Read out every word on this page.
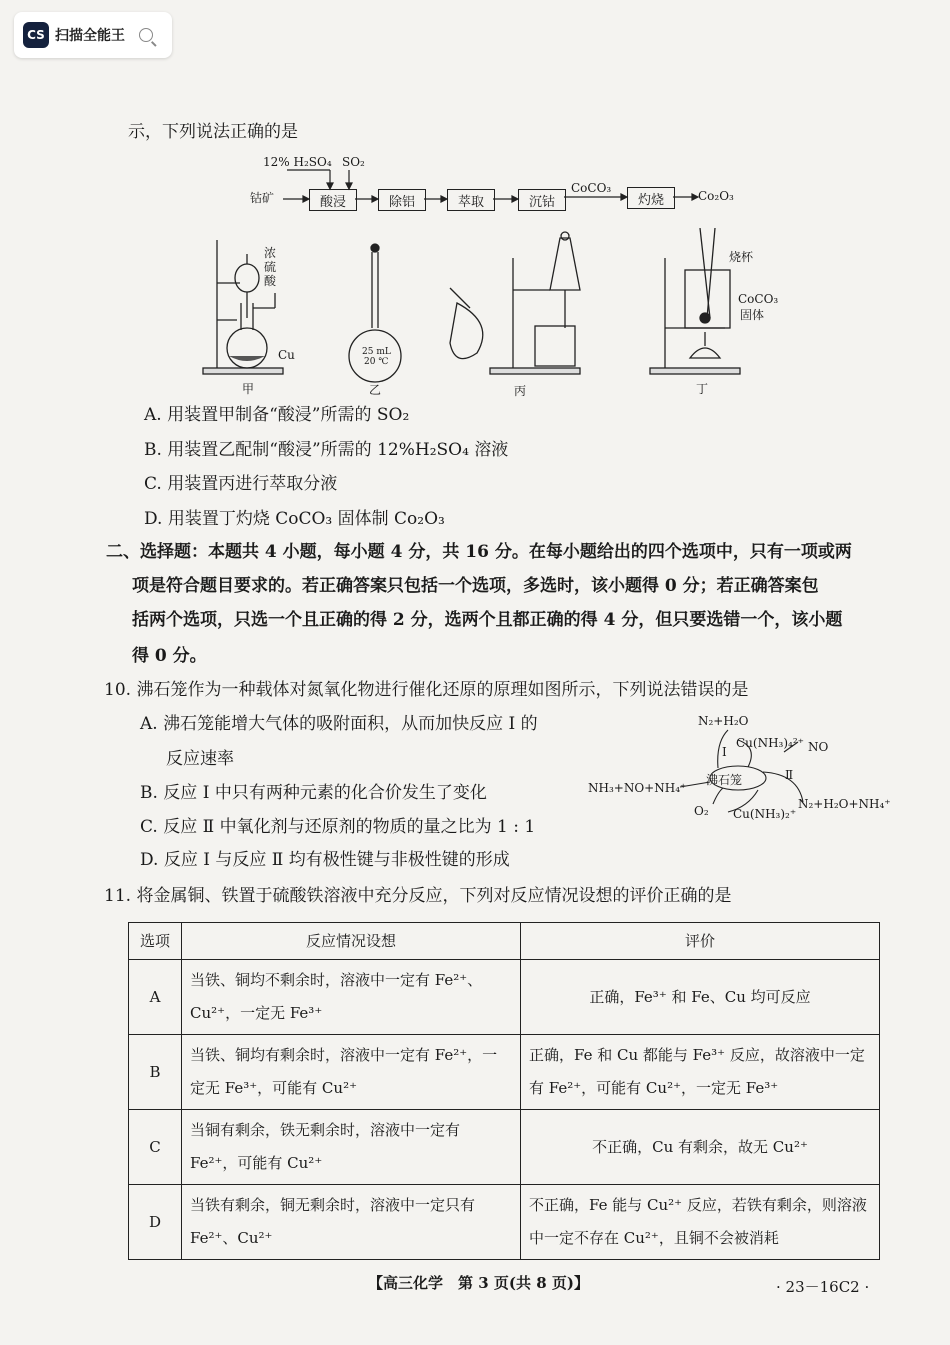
CS 扫描全能王
示，下列说法正确的是
12% H₂SO₄ SO₂
钴矿	酸浸	除铝	萃取	沉钴
CoCO₃
灼烧	Co₂O₃
浓硫酸
Cu
甲
25 mL
20 ℃
乙	丙
烧杯
CoCO₃
固体
丁
A. 用装置甲制备“酸浸”所需的 SO₂
B. 用装置乙配制“酸浸”所需的 12%H₂SO₄ 溶液
C. 用装置丙进行萃取分液
D. 用装置丁灼烧 CoCO₃ 固体制 Co₂O₃
二、选择题：本题共 4 小题，每小题 4 分，共 16 分。在每小题给出的四个选项中，只有一项或两
项是符合题目要求的。若正确答案只包括一个选项，多选时，该小题得 0 分；若正确答案包
括两个选项，只选一个且正确的得 2 分，选两个且都正确的得 4 分，但只要选错一个，该小题
得 0 分。
10. 沸石笼作为一种载体对氮氧化物进行催化还原的原理如图所示，下列说法错误的是
A. 沸石笼能增大气体的吸附面积，从而加快反应 Ⅰ 的
反应速率
B. 反应 Ⅰ 中只有两种元素的化合价发生了变化
C. 反应 Ⅱ 中氧化剂与还原剂的物质的量之比为 1 : 1
D. 反应 Ⅰ 与反应 Ⅱ 均有极性键与非极性键的形成
N₂+H₂O
Cu(NH₃)₄²⁺ NO
Ⅰ
Ⅱ
沸石笼
NH₃+NO+NH₄⁺
O₂ Cu(NH₃)₂⁺
N₂+H₂O+NH₄⁺
11. 将金属铜、铁置于硫酸铁溶液中充分反应，下列对反应情况设想的评价正确的是
选项	反应情况设想	评价
A	当铁、铜均不剩余时，溶液中一定有 Fe²⁺、Cu²⁺，一定无 Fe³⁺	正确，Fe³⁺ 和 Fe、Cu 均可反应
B	当铁、铜均有剩余时，溶液中一定有 Fe²⁺，一定无 Fe³⁺，可能有 Cu²⁺	正确，Fe 和 Cu 都能与 Fe³⁺ 反应，故溶液中一定有 Fe²⁺，可能有 Cu²⁺，一定无 Fe³⁺
C	当铜有剩余，铁无剩余时，溶液中一定有 Fe²⁺，可能有 Cu²⁺	不正确，Cu 有剩余，故无 Cu²⁺
D	当铁有剩余，铜无剩余时，溶液中一定只有 Fe²⁺、Cu²⁺	不正确，Fe 能与 Cu²⁺ 反应，若铁有剩余，则溶液中一定不存在 Cu²⁺，且铜不会被消耗
【高三化学　第 3 页(共 8 页)】	· 23－16C2 ·
